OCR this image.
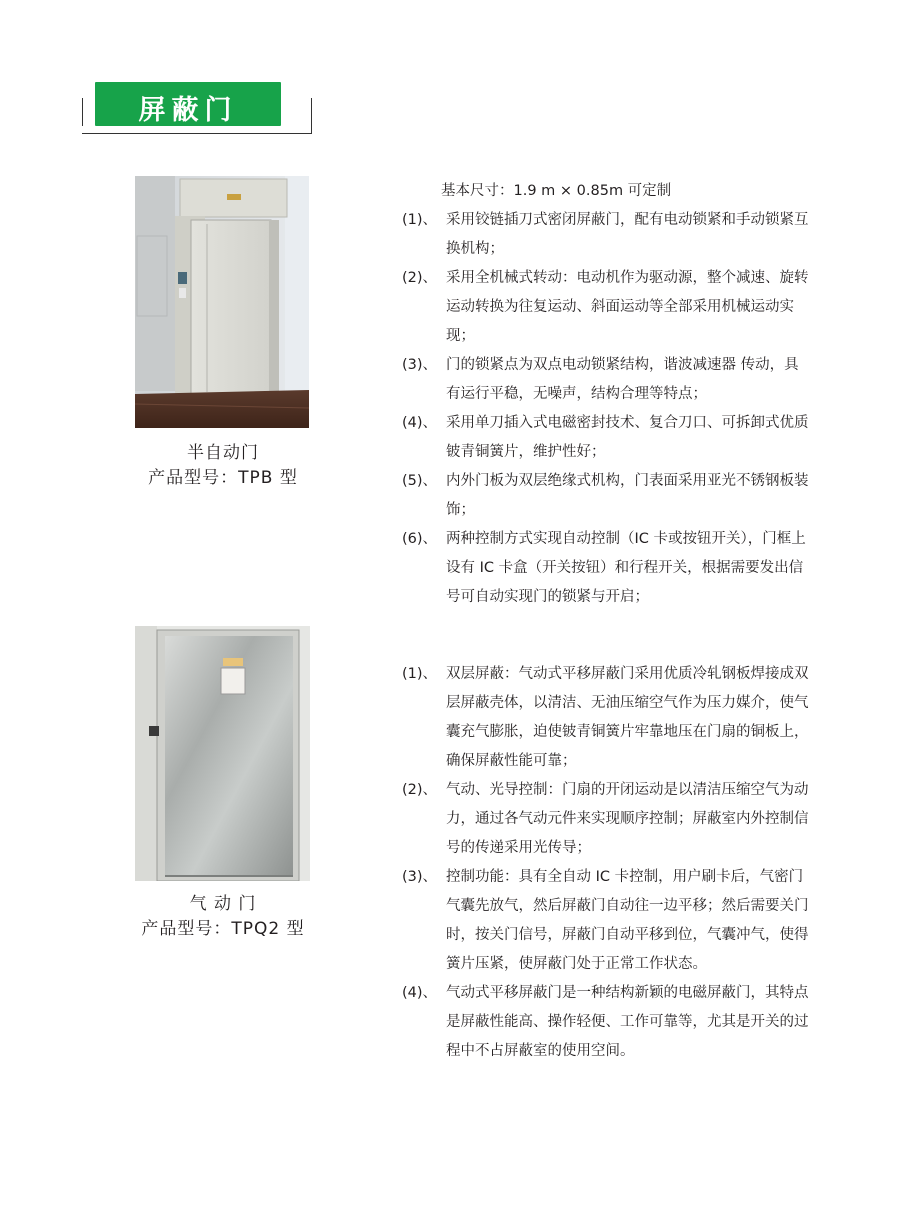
屏蔽门
半自动门
产品型号：TPB 型
基本尺寸：1.9 m × 0.85m 可定制
(1)、 采用铰链插刀式密闭屏蔽门，配有电动锁紧和手动锁紧互换机构；
(2)、 采用全机械式转动：电动机作为驱动源，整个减速、旋转运动转换为往复运动、斜面运动等全部采用机械运动实现；
(3)、 门的锁紧点为双点电动锁紧结构，谐波减速器 传动，具有运行平稳，无噪声，结构合理等特点；
(4)、 采用单刀插入式电磁密封技术、复合刀口、可拆卸式优质铍青铜簧片，维护性好；
(5)、 内外门板为双层绝缘式机构，门表面采用亚光不锈钢板装饰；
(6)、 两种控制方式实现自动控制（IC 卡或按钮开关），门框上设有 IC 卡盒（开关按钮）和行程开关，根据需要发出信号可自动实现门的锁紧与开启；
气 动 门
产品型号：TPQ2 型
(1)、 双层屏蔽：气动式平移屏蔽门采用优质冷轧钢板焊接成双层屏蔽壳体，以清洁、无油压缩空气作为压力媒介，使气囊充气膨胀，迫使铍青铜簧片牢靠地压在门扇的铜板上，确保屏蔽性能可靠；
(2)、 气动、光导控制：门扇的开闭运动是以清洁压缩空气为动力，通过各气动元件来实现顺序控制；屏蔽室内外控制信号的传递采用光传导；
(3)、 控制功能：具有全自动 IC 卡控制，用户刷卡后，气密门气囊先放气，然后屏蔽门自动往一边平移；然后需要关门时，按关门信号，屏蔽门自动平移到位，气囊冲气，使得簧片压紧，使屏蔽门处于正常工作状态。
(4)、 气动式平移屏蔽门是一种结构新颖的电磁屏蔽门，其特点是屏蔽性能高、操作轻便、工作可靠等，尤其是开关的过程中不占屏蔽室的使用空间。
